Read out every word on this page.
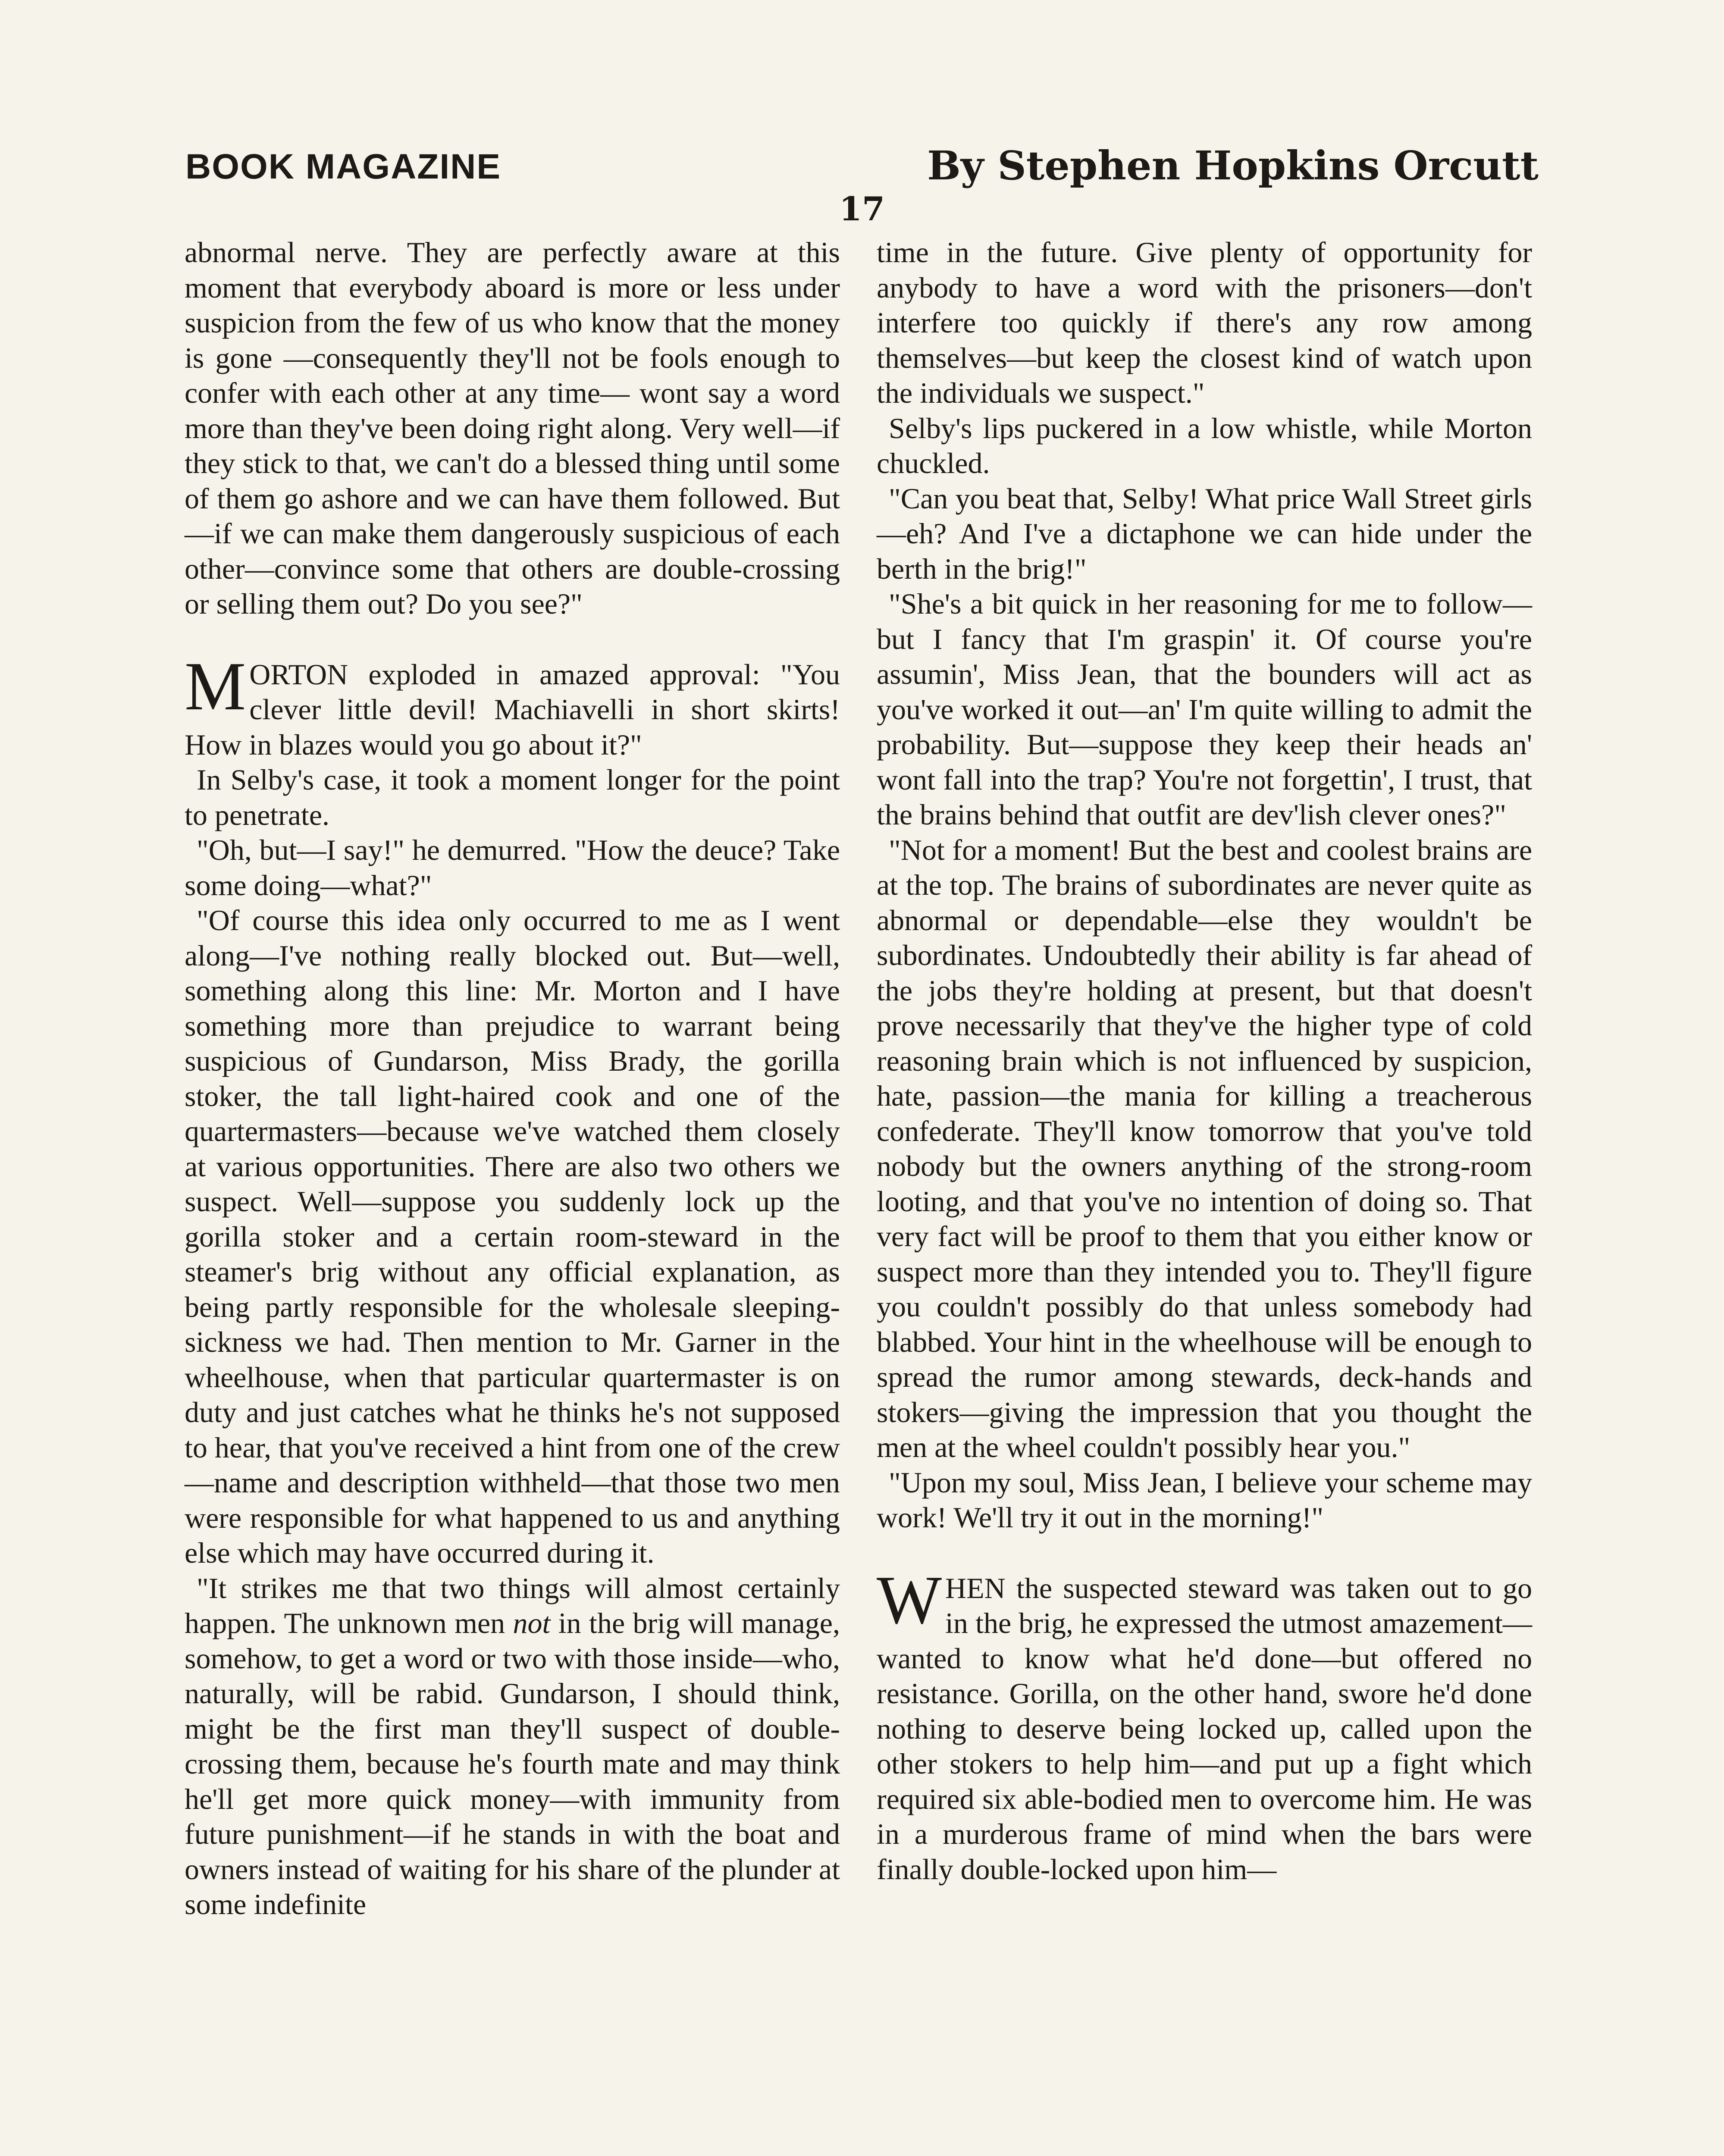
BOOK MAGAZINE	By Stephen Hopkins Orcutt
17

abnormal nerve. They are perfectly aware at this moment that everybody aboard is more or less under suspicion from the few of us who know that the money is gone —consequently they'll not be fools enough to confer with each other at any time— wont say a word more than they've been doing right along. Very well—if they stick to that, we can't do a blessed thing until some of them go ashore and we can have them followed. But—if we can make them dangerously suspicious of each other—convince some that others are double-crossing or selling them out? Do you see?"

MORTON exploded in amazed approval: "You clever little devil! Machiavelli in short skirts! How in blazes would you go about it?"

In Selby's case, it took a moment longer for the point to penetrate.

"Oh, but—I say!" he demurred. "How the deuce? Take some doing—what?"

"Of course this idea only occurred to me as I went along—I've nothing really blocked out. But—well, something along this line: Mr. Morton and I have something more than prejudice to warrant being suspicious of Gundarson, Miss Brady, the gorilla stoker, the tall light-haired cook and one of the quartermasters—because we've watched them closely at various opportunities. There are also two others we suspect. Well—suppose you suddenly lock up the gorilla stoker and a certain room-steward in the steamer's brig without any official explanation, as being partly responsible for the wholesale sleeping-sickness we had. Then mention to Mr. Garner in the wheelhouse, when that particular quartermaster is on duty and just catches what he thinks he's not supposed to hear, that you've received a hint from one of the crew —name and description withheld—that those two men were responsible for what happened to us and anything else which may have occurred during it.

"It strikes me that two things will almost certainly happen. The unknown men not in the brig will manage, somehow, to get a word or two with those inside—who, naturally, will be rabid. Gundarson, I should think, might be the first man they'll suspect of double-crossing them, because he's fourth mate and may think he'll get more quick money—with immunity from future punishment—if he stands in with the boat and owners instead of waiting for his share of the plunder at some indefinite

time in the future. Give plenty of opportunity for anybody to have a word with the prisoners—don't interfere too quickly if there's any row among themselves—but keep the closest kind of watch upon the individuals we suspect."

Selby's lips puckered in a low whistle, while Morton chuckled.

"Can you beat that, Selby! What price Wall Street girls—eh? And I've a dictaphone we can hide under the berth in the brig!"

"She's a bit quick in her reasoning for me to follow—but I fancy that I'm graspin' it. Of course you're assumin', Miss Jean, that the bounders will act as you've worked it out—an' I'm quite willing to admit the probability. But—suppose they keep their heads an' wont fall into the trap? You're not forgettin', I trust, that the brains behind that outfit are dev'lish clever ones?"

"Not for a moment! But the best and coolest brains are at the top. The brains of subordinates are never quite as abnormal or dependable—else they wouldn't be subordinates. Undoubtedly their ability is far ahead of the jobs they're holding at present, but that doesn't prove necessarily that they've the higher type of cold reasoning brain which is not influenced by suspicion, hate, passion—the mania for killing a treacherous confederate. They'll know tomorrow that you've told nobody but the owners anything of the strong-room looting, and that you've no intention of doing so. That very fact will be proof to them that you either know or suspect more than they intended you to. They'll figure you couldn't possibly do that unless somebody had blabbed. Your hint in the wheelhouse will be enough to spread the rumor among stewards, deck-hands and stokers—giving the impression that you thought the men at the wheel couldn't possibly hear you."

"Upon my soul, Miss Jean, I believe your scheme may work! We'll try it out in the morning!"

WHEN the suspected steward was taken out to go in the brig, he expressed the utmost amazement—wanted to know what he'd done—but offered no resistance. Gorilla, on the other hand, swore he'd done nothing to deserve being locked up, called upon the other stokers to help him—and put up a fight which required six able-bodied men to overcome him. He was in a murderous frame of mind when the bars were finally double-locked upon him—
